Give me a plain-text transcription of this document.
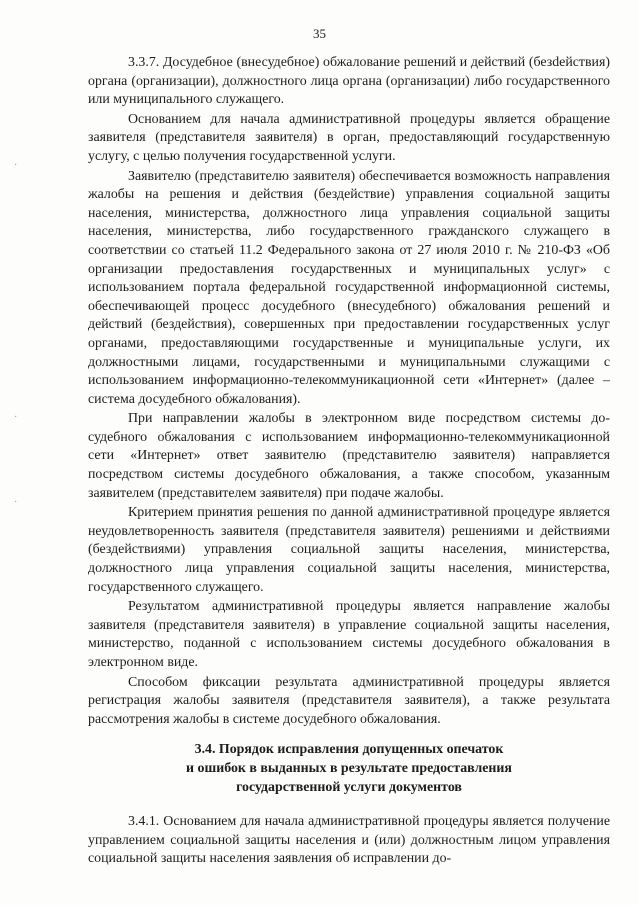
35
·
·
·

3.3.7. Досудебное (внесудебное) обжалование решений и действий (безdействия) органа (организации), должностного лица органа (организации) либо государственного или муниципального служащего.

Основанием для начала административной процедуры является обращение заявителя (представителя заявителя) в орган, предоставляющий государственную услугу, с целью получения государственной услуги.

Заявителю (представителю заявителя) обеспечивается возможность направления жалобы на решения и действия (бездействие) управления социальной защиты населения, министерства, должностного лица управления социальной защиты населения, министерства, либо государственного гражданского служащего в соответствии со статьей 11.2 Федерального закона от 27 июля 2010 г. № 210-ФЗ «Об организации предоставления государственных и муниципальных услуг» с использованием портала федеральной государственной информационной системы, обеспечивающей процесс досудебного (внесудебного) обжалования решений и действий (бездействия), совершенных при предоставлении государственных услуг органами, предоставляющими государственные и муниципальные услуги, их должностными лицами, государственными и муниципальными служащими с использованием информационно-телекоммуникационной сети «Интернет» (далее – система досудебного обжалования).

При направлении жалобы в электронном виде посредством системы досудебного обжалования с использованием информационно-телекоммуникационной сети «Интернет» ответ заявителю (представителю заявителя) направляется посредством системы досудебного обжалования, а также способом, указанным заявителем (представителем заявителя) при подаче жалобы.

Критерием принятия решения по данной административной процедуре является неудовлетворенность заявителя (представителя заявителя) решениями и действиями (бездействиями) управления социальной защиты населения, министерства, должностного лица управления социальной защиты населения, министерства, государственного служащего.

Результатом административной процедуры является направление жалобы заявителя (представителя заявителя) в управление социальной защиты населения, министерство, поданной с использованием системы досудебного обжалования в электронном виде.

Способом фиксации результата административной процедуры является регистрация жалобы заявителя (представителя заявителя), а также результата рассмотрения жалобы в системе досудебного обжалования.

3.4. Порядок исправления допущенных опечаток
и ошибок в выданных в результате предоставления
государственной услуги документов

3.4.1. Основанием для начала административной процедуры является получение управлением социальной защиты населения и (или) должностным лицом управления социальной защиты населения заявления об исправлении до-
